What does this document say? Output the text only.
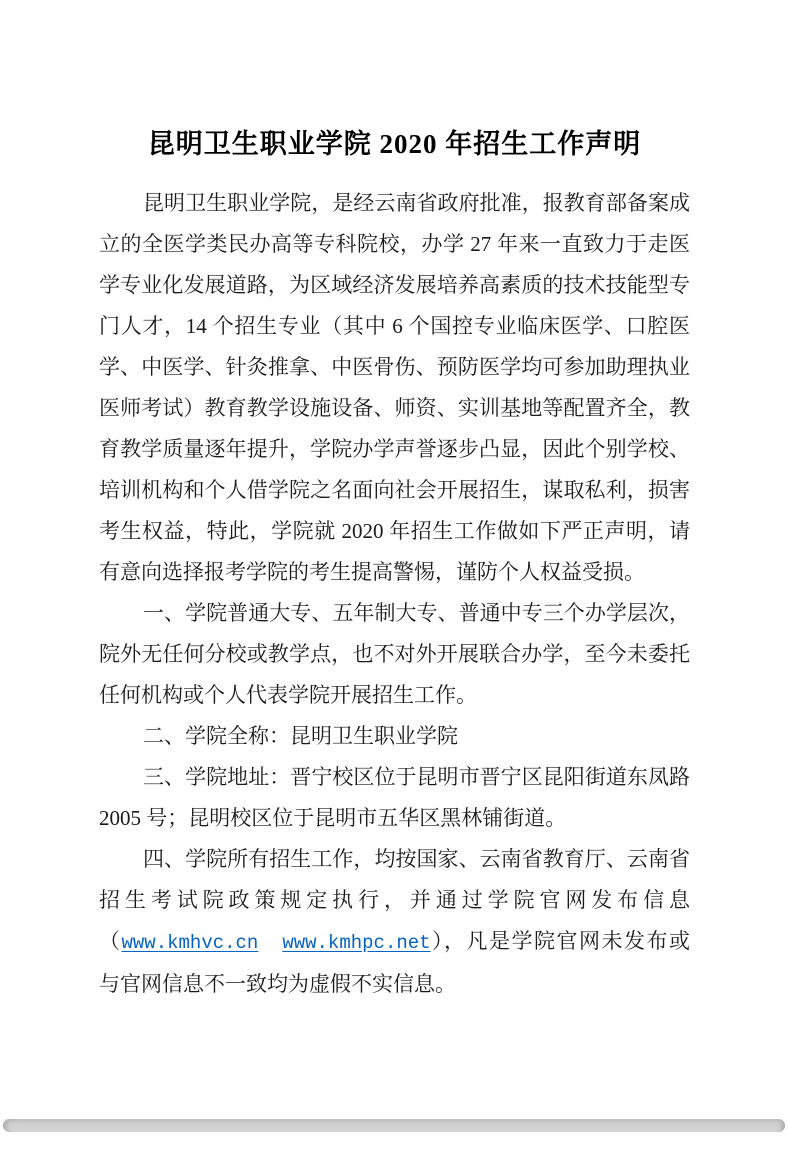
昆明卫生职业学院 2020 年招生工作声明

昆明卫生职业学院，是经云南省政府批准，报教育部备案成立的全医学类民办高等专科院校，办学 27 年来一直致力于走医学专业化发展道路，为区域经济发展培养高素质的技术技能型专门人才，14 个招生专业（其中 6 个国控专业临床医学、口腔医学、中医学、针灸推拿、中医骨伤、预防医学均可参加助理执业医师考试）教育教学设施设备、师资、实训基地等配置齐全，教育教学质量逐年提升，学院办学声誉逐步凸显，因此个别学校、培训机构和个人借学院之名面向社会开展招生，谋取私利，损害考生权益，特此，学院就 2020 年招生工作做如下严正声明，请有意向选择报考学院的考生提高警惕，谨防个人权益受损。

一、学院普通大专、五年制大专、普通中专三个办学层次，院外无任何分校或教学点，也不对外开展联合办学，至今未委托任何机构或个人代表学院开展招生工作。

二、学院全称：昆明卫生职业学院

三、学院地址：晋宁校区位于昆明市晋宁区昆阳街道东凤路 2005 号；昆明校区位于昆明市五华区黑林铺街道。

四、学院所有招生工作，均按国家、云南省教育厅、云南省招生考试院政策规定执行，并通过学院官网发布信息（www.kmhvc.cn www.kmhpc.net），凡是学院官网未发布或与官网信息不一致均为虚假不实信息。
